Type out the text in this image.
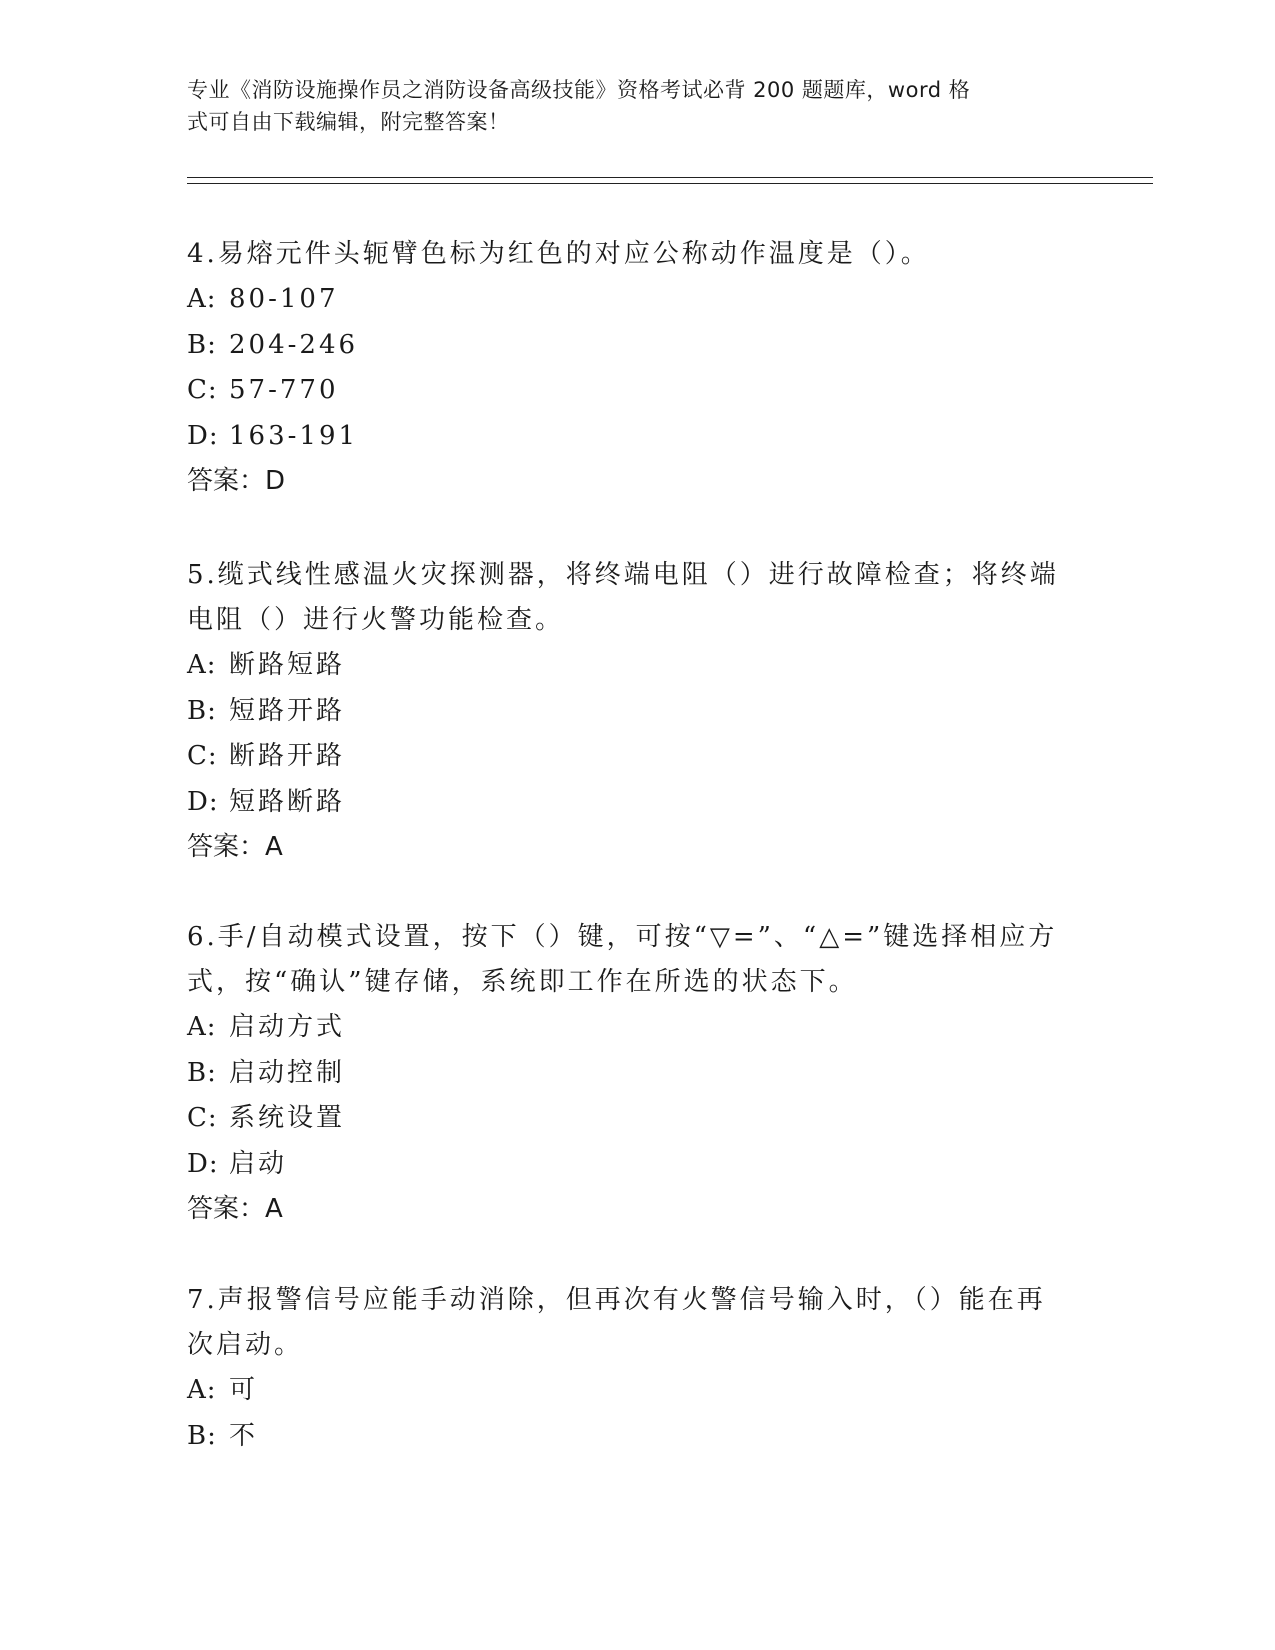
专业《消防设施操作员之消防设备高级技能》资格考试必背 200 题题库，word 格
式可自由下载编辑，附完整答案！
4.易熔元件头轭臂色标为红色的对应公称动作温度是（）。
A: 80-107
B: 204-246
C: 57-770
D: 163-191
答案：D
5.缆式线性感温火灾探测器，将终端电阻（）进行故障检查；将终端电阻（）进行火警功能检查。
A: 断路短路
B: 短路开路
C: 断路开路
D: 短路断路
答案：A
6.手/自动模式设置，按下（）键，可按“▽=”、“△=”键选择相应方式，按“确认”键存储，系统即工作在所选的状态下。
A: 启动方式
B: 启动控制
C: 系统设置
D: 启动
答案：A
7.声报警信号应能手动消除，但再次有火警信号输入时，（）能在再次启动。
A: 可
B: 不
